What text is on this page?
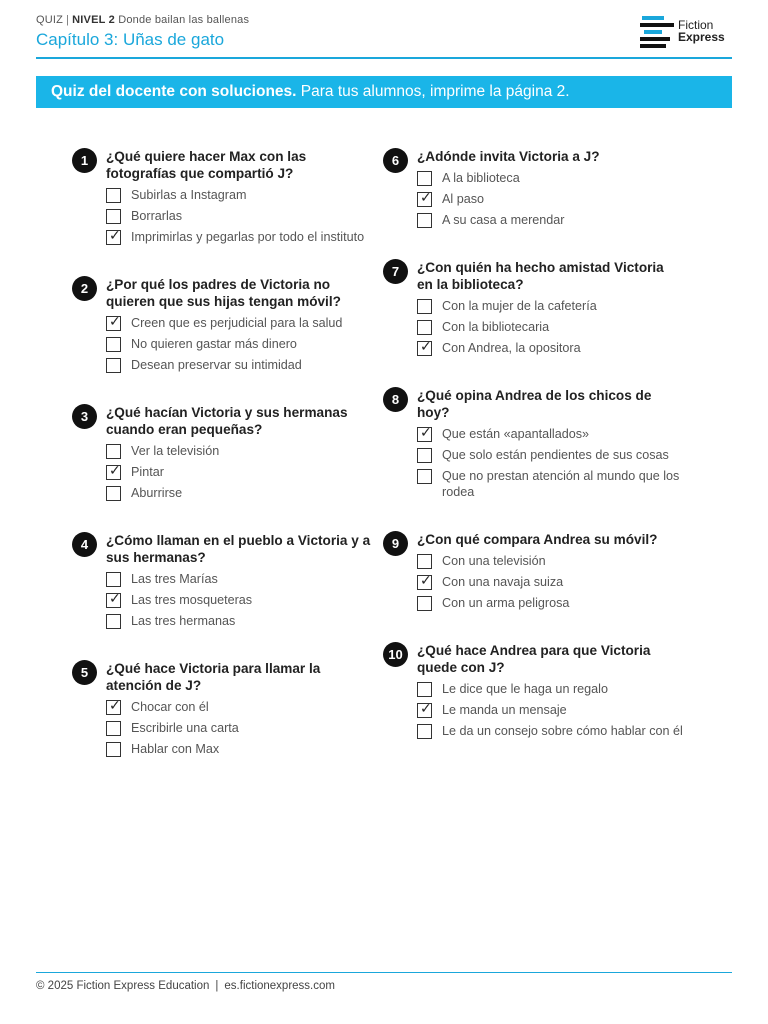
QUIZ | NIVEL 2 Donde bailan las ballenas
Capítulo 3: Uñas de gato
Fiction
Express
Quiz del docente con soluciones. Para tus alumnos, imprime la página 2.
1	¿Qué quiere hacer Max con las fotografías que compartió J?
Subirlas a Instagram
Borrarlas
✓ Imprimirlas y pegarlas por todo el instituto
2	¿Por qué los padres de Victoria no quieren que sus hijas tengan móvil?
✓ Creen que es perjudicial para la salud
No quieren gastar más dinero
Desean preservar su intimidad
3	¿Qué hacían Victoria y sus hermanas cuando eran pequeñas?
Ver la televisión
✓ Pintar
Aburrirse
4	¿Cómo llaman en el pueblo a Victoria y a sus hermanas?
Las tres Marías
✓ Las tres mosqueteras
Las tres hermanas
5	¿Qué hace Victoria para llamar la atención de J?
✓ Chocar con él
Escribirle una carta
Hablar con Max
6	¿Adónde invita Victoria a J?
A la biblioteca
✓ Al paso
A su casa a merendar
7	¿Con quién ha hecho amistad Victoria en la biblioteca?
Con la mujer de la cafetería
Con la bibliotecaria
✓ Con Andrea, la opositora
8	¿Qué opina Andrea de los chicos de hoy?
✓ Que están «apantallados»
Que solo están pendientes de sus cosas
Que no prestan atención al mundo que los rodea
9	¿Con qué compara Andrea su móvil?
Con una televisión
✓ Con una navaja suiza
Con un arma peligrosa
10	¿Qué hace Andrea para que Victoria quede con J?
Le dice que le haga un regalo
✓ Le manda un mensaje
Le da un consejo sobre cómo hablar con él
© 2025 Fiction Express Education | es.fictionexpress.com
